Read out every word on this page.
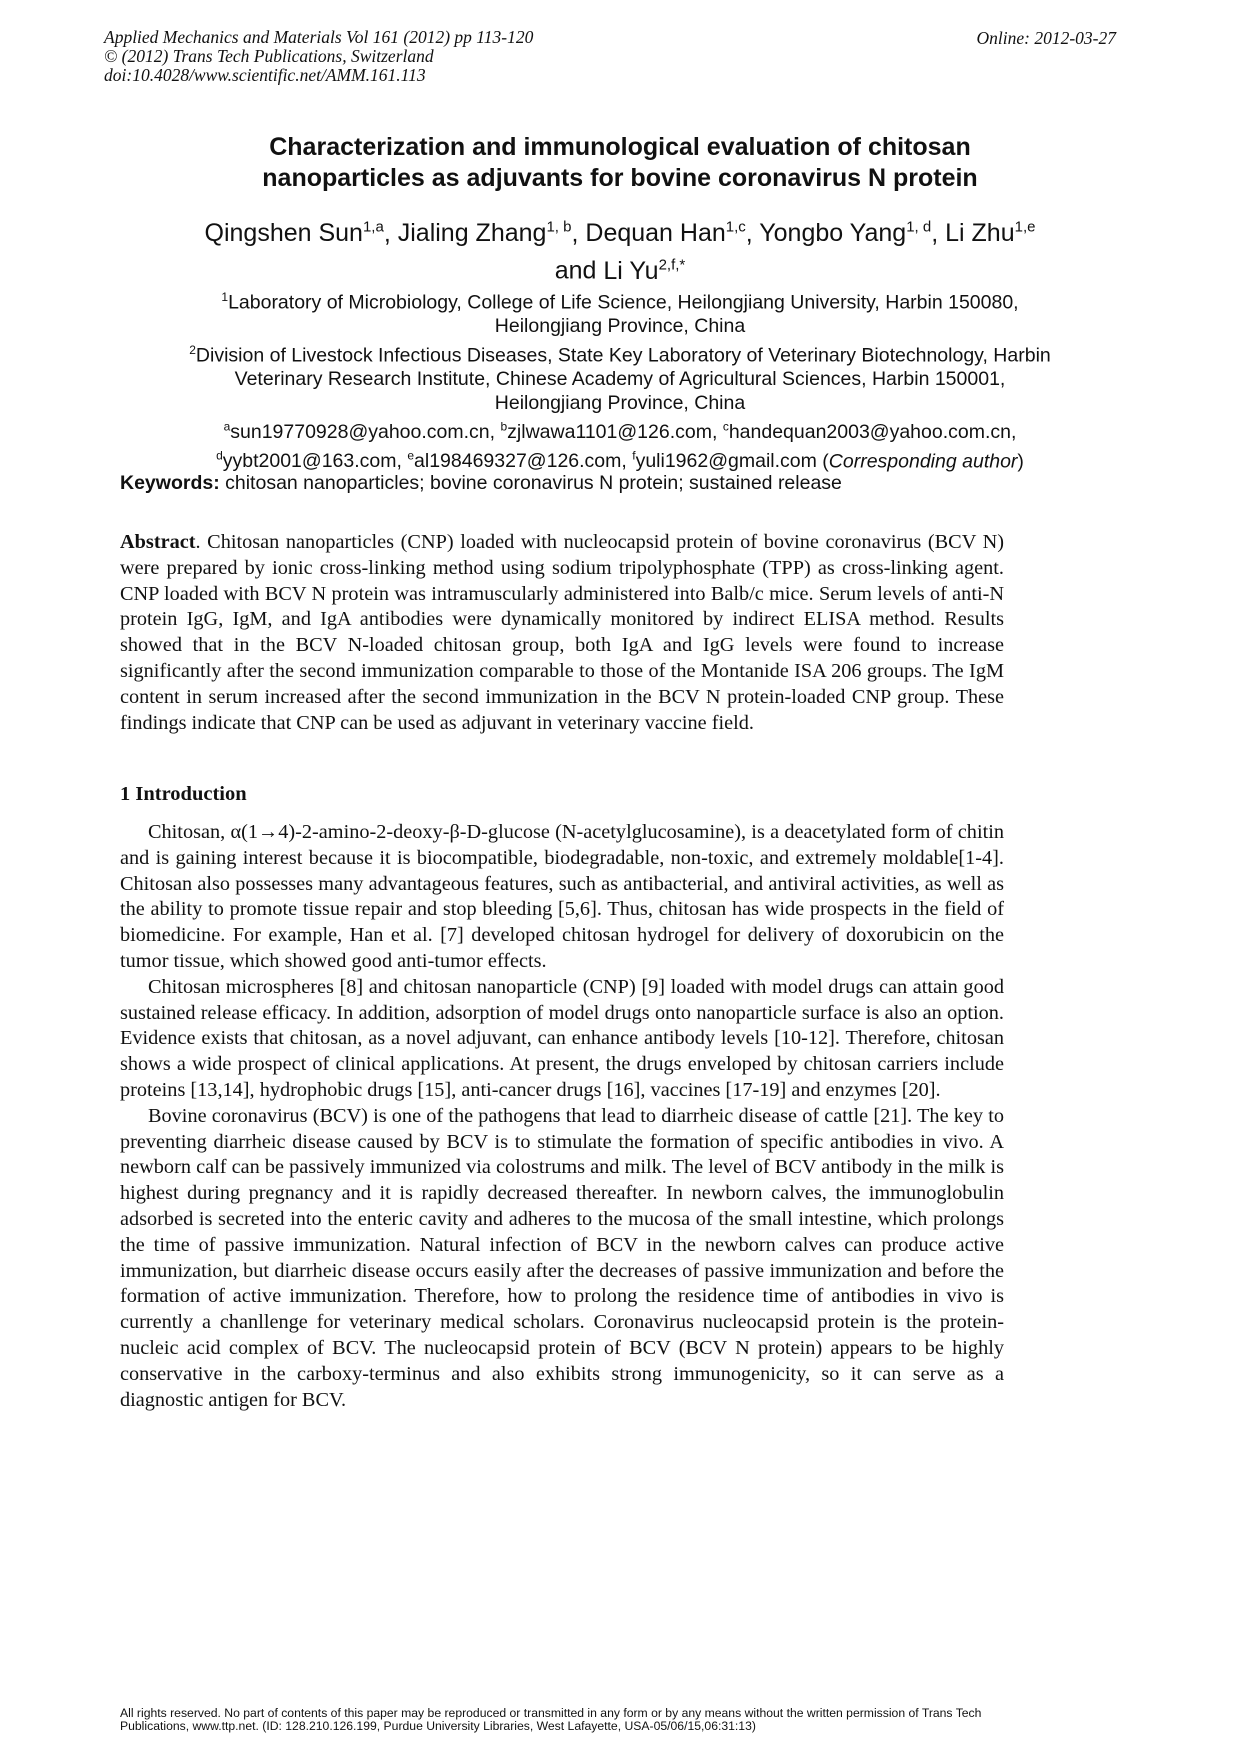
Applied Mechanics and Materials Vol 161 (2012) pp 113-120
© (2012) Trans Tech Publications, Switzerland
doi:10.4028/www.scientific.net/AMM.161.113
Online: 2012-03-27
Characterization and immunological evaluation of chitosan
nanoparticles as adjuvants for bovine coronavirus N protein
Qingshen Sun$^{1,a}$, Jialing Zhang$^{1, b}$, Dequan Han$^{1,c}$, Yongbo Yang$^{1, d}$, Li Zhu$^{1,e}$
and Li $Yu^{2,f,*}$
$^1$Laboratory of Microbiology, College of Life Science, Heilongjiang University, Harbin 150080,
Heilongjiang Province, China
$^2$Division of Livestock Infectious Diseases, State Key Laboratory of Veterinary Biotechnology, Harbin
Veterinary Research Institute, Chinese Academy of Agricultural Sciences, Harbin 150001,
Heilongjiang Province, China
$^a$sun19770928@yahoo.com.cn, $^b$zjlwawa1101@126.com, $^c$handequan2003@yahoo.com.cn,
$^d$yybt2001@163.com, $^e$al198469327@126.com, $^f$yuli1962@gmail.com (Corresponding author)
Keywords: chitosan nanoparticles; bovine coronavirus N protein; sustained release

Abstract. Chitosan nanoparticles (CNP) loaded with nucleocapsid protein of bovine coronavirus (BCV N) were prepared by ionic cross-linking method using sodium tripolyphosphate (TPP) as cross-linking agent. CNP loaded with BCV N protein was intramuscularly administered into Balb/c mice. Serum levels of anti-N protein IgG, IgM, and IgA antibodies were dynamically monitored by indirect ELISA method. Results showed that in the BCV N-loaded chitosan group, both IgA and IgG levels were found to increase significantly after the second immunization comparable to those of the Montanide ISA 206 groups. The IgM content in serum increased after the second immunization in the BCV N protein-loaded CNP group. These findings indicate that CNP can be used as adjuvant in veterinary vaccine field.

1 Introduction

Chitosan, α(1→4)-2-amino-2-deoxy-β-D-glucose (N-acetylglucosamine), is a deacetylated form of chitin and is gaining interest because it is biocompatible, biodegradable, non-toxic, and extremely moldable[1-4]. Chitosan also possesses many advantageous features, such as antibacterial, and antiviral activities, as well as the ability to promote tissue repair and stop bleeding [5,6]. Thus, chitosan has wide prospects in the field of biomedicine. For example, Han et al. [7] developed chitosan hydrogel for delivery of doxorubicin on the tumor tissue, which showed good anti-tumor effects.

Chitosan microspheres [8] and chitosan nanoparticle (CNP) [9] loaded with model drugs can attain good sustained release efficacy. In addition, adsorption of model drugs onto nanoparticle surface is also an option. Evidence exists that chitosan, as a novel adjuvant, can enhance antibody levels [10-12]. Therefore, chitosan shows a wide prospect of clinical applications. At present, the drugs enveloped by chitosan carriers include proteins [13,14], hydrophobic drugs [15], anti-cancer drugs [16], vaccines [17-19] and enzymes [20].

Bovine coronavirus (BCV) is one of the pathogens that lead to diarrheic disease of cattle [21]. The key to preventing diarrheic disease caused by BCV is to stimulate the formation of specific antibodies in vivo. A newborn calf can be passively immunized via colostrums and milk. The level of BCV antibody in the milk is highest during pregnancy and it is rapidly decreased thereafter. In newborn calves, the immunoglobulin adsorbed is secreted into the enteric cavity and adheres to the mucosa of the small intestine, which prolongs the time of passive immunization. Natural infection of BCV in the newborn calves can produce active immunization, but diarrheic disease occurs easily after the decreases of passive immunization and before the formation of active immunization. Therefore, how to prolong the residence time of antibodies in vivo is currently a chanllenge for veterinary medical scholars. Coronavirus nucleocapsid protein is the protein-nucleic acid complex of BCV. The nucleocapsid protein of BCV (BCV N protein) appears to be highly conservative in the carboxy-terminus and also exhibits strong immunogenicity, so it can serve as a diagnostic antigen for BCV.

All rights reserved. No part of contents of this paper may be reproduced or transmitted in any form or by any means without the written permission of Trans Tech Publications, www.ttp.net. (ID: 128.210.126.199, Purdue University Libraries, West Lafayette, USA-05/06/15,06:31:13)
